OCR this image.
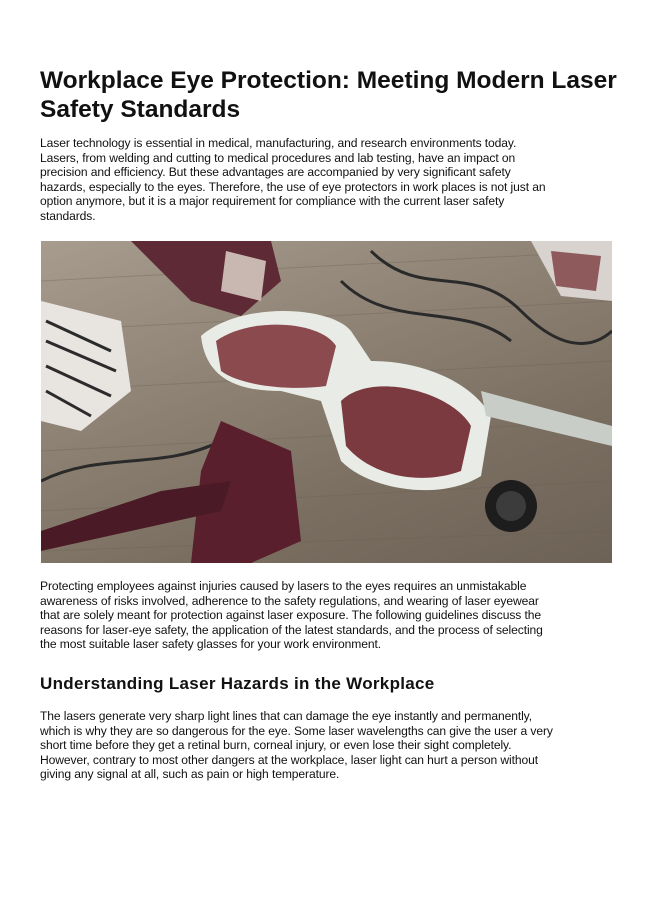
Workplace Eye Protection: Meeting Modern Laser Safety Standards

Laser technology is essential in medical, manufacturing, and research environments today.
Lasers, from welding and cutting to medical procedures and lab testing, have an impact on
precision and efficiency. But these advantages are accompanied by very significant safety
hazards, especially to the eyes. Therefore, the use of eye protectors in work places is not just an
option anymore, but it is a major requirement for compliance with the current laser safety
standards.

Protecting employees against injuries caused by lasers to the eyes requires an unmistakable
awareness of risks involved, adherence to the safety regulations, and wearing of laser eyewear
that are solely meant for protection against laser exposure. The following guidelines discuss the
reasons for laser-eye safety, the application of the latest standards, and the process of selecting
the most suitable laser safety glasses for your work environment.

Understanding Laser Hazards in the Workplace

The lasers generate very sharp light lines that can damage the eye instantly and permanently,
which is why they are so dangerous for the eye. Some laser wavelengths can give the user a very
short time before they get a retinal burn, corneal injury, or even lose their sight completely.
However, contrary to most other dangers at the workplace, laser light can hurt a person without
giving any signal at all, such as pain or high temperature.
